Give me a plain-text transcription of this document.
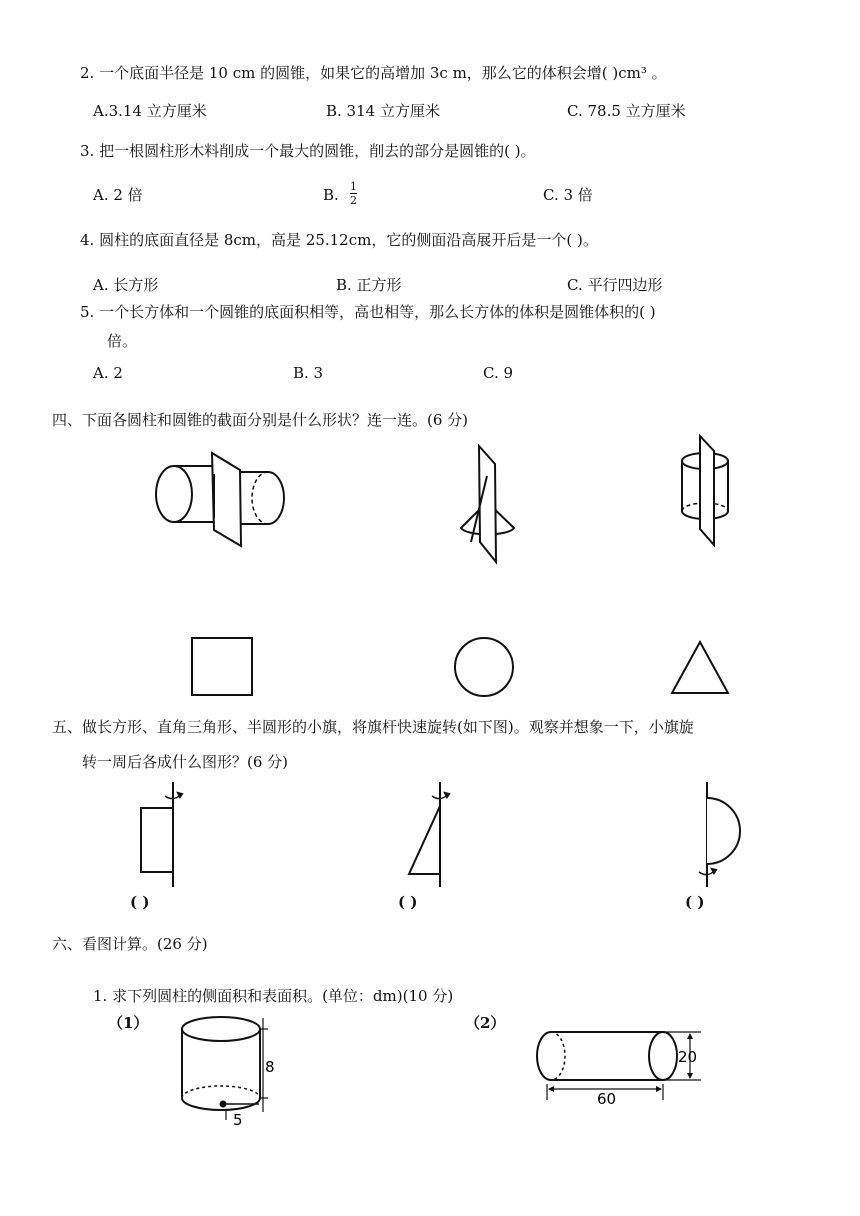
2. 一个底面半径是 10 cm 的圆锥，如果它的高增加 3c m，那么它的体积会增( )cm³ 。
A.3.14 立方厘米	B. 314 立方厘米	C. 78.5 立方厘米
3. 把一根圆柱形木料削成一个最大的圆锥，削去的部分是圆锥的( )。
A. 2 倍	B. 1
2	C. 3 倍
4. 圆柱的底面直径是 8cm，高是 25.12cm，它的侧面沿高展开后是一个( )。
A. 长方形	B. 正方形	C. 平行四边形
5. 一个长方体和一个圆锥的底面积相等，高也相等，那么长方体的体积是圆锥体积的( )
倍。
A. 2	B. 3	C. 9
四、下面各圆柱和圆锥的截面分别是什么形状？连一连。(6 分)
五、做长方形、直角三角形、半圆形的小旗，将旗杆快速旋转(如下图)。观察并想象一下，小旗旋
转一周后各成什么图形？(6 分)
( )	( )	( )
六、看图计算。(26 分)
1. 求下列圆柱的侧面积和表面积。(单位：dm)(10 分)
（1）	（2）
8
5
20
60
